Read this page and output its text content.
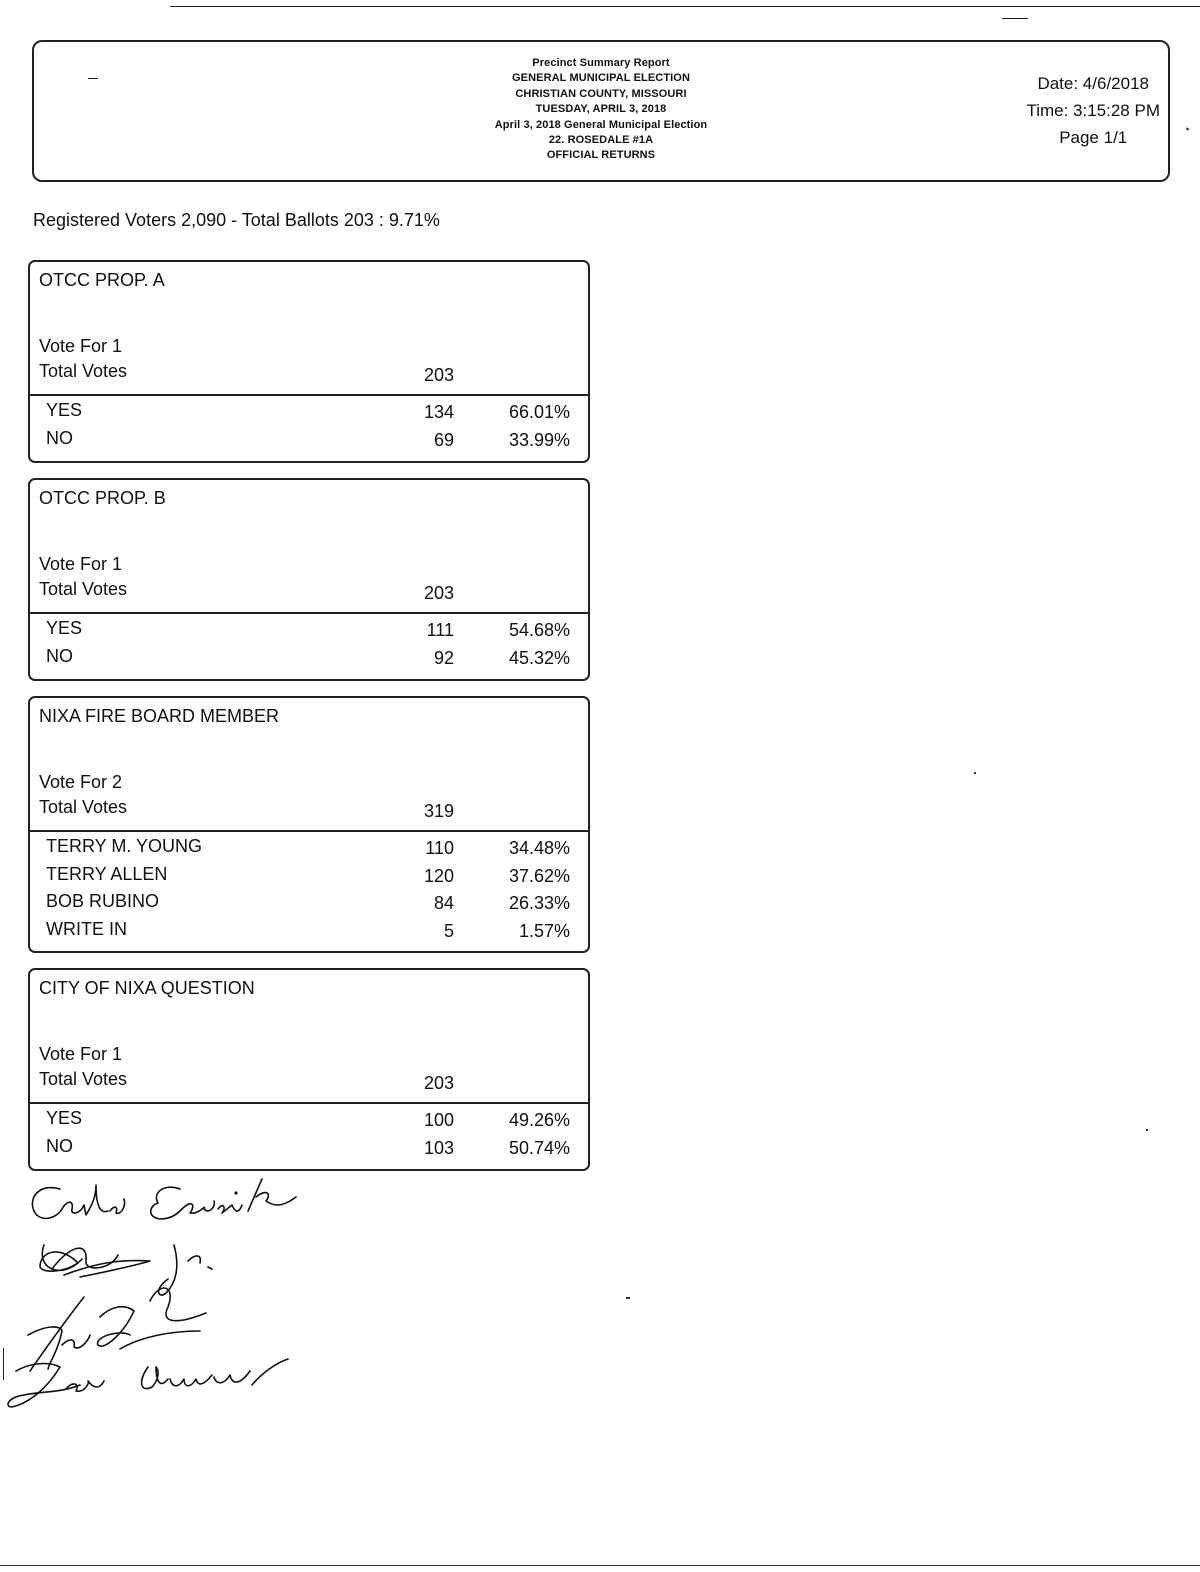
Precinct Summary Report
GENERAL MUNICIPAL ELECTION
CHRISTIAN COUNTY, MISSOURI
TUESDAY, APRIL 3, 2018
April 3, 2018 General Municipal Election
22. ROSEDALE #1A
OFFICIAL RETURNS
Date: 4/6/2018
Time: 3:15:28 PM
Page 1/1
Registered Voters 2,090 - Total Ballots 203 : 9.71%
OTCC PROP. A
Vote For 1
Total Votes	203
YES	134	66.01%
NO	69	33.99%
OTCC PROP. B
Vote For 1
Total Votes	203
YES	111	54.68%
NO	92	45.32%
NIXA FIRE BOARD MEMBER
Vote For 2
Total Votes	319
TERRY M. YOUNG	110	34.48%
TERRY ALLEN	120	37.62%
BOB RUBINO	84	26.33%
WRITE IN	5	1.57%
CITY OF NIXA QUESTION
Vote For 1
Total Votes	203
YES	100	49.26%
NO	103	50.74%
